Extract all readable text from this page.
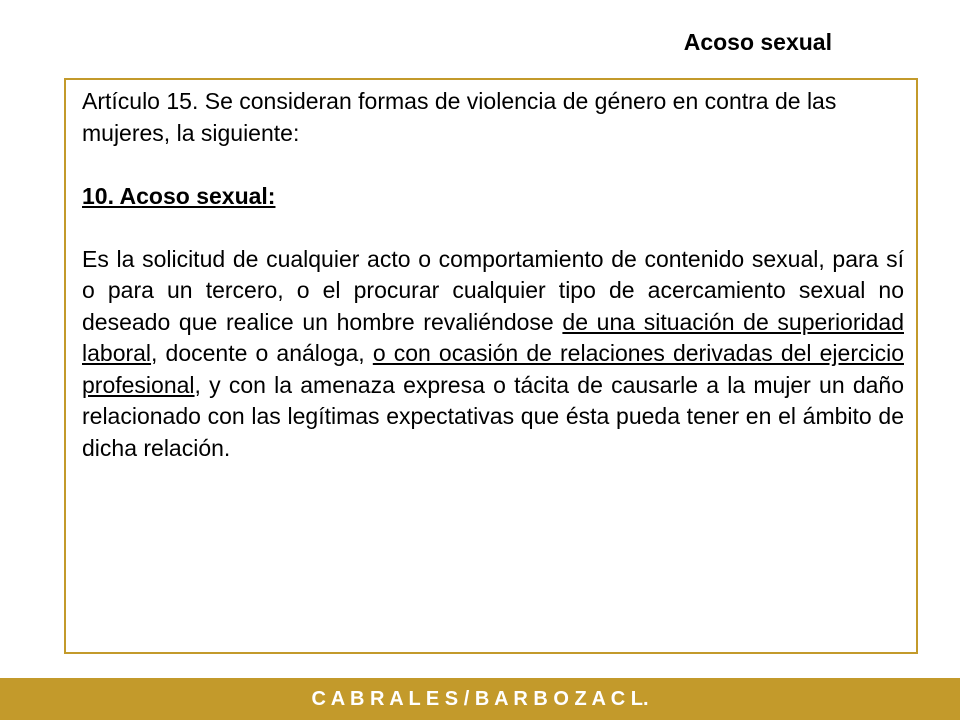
Acoso sexual

Artículo 15. Se consideran formas de violencia de género en contra de las mujeres, la siguiente:

10. Acoso sexual:

Es la solicitud de cualquier acto o comportamiento de contenido sexual, para sí o para un tercero, o el procurar cualquier tipo de acercamiento sexual no deseado que realice un hombre revaliéndose de una situación de superioridad laboral, docente o análoga, o con ocasión de relaciones derivadas del ejercicio profesional, y con la amenaza expresa o tácita de causarle a la mujer un daño relacionado con las legítimas expectativas que ésta pueda tener en el ámbito de dicha relación.

C A B R A L E S / B A R B O Z A C L.
